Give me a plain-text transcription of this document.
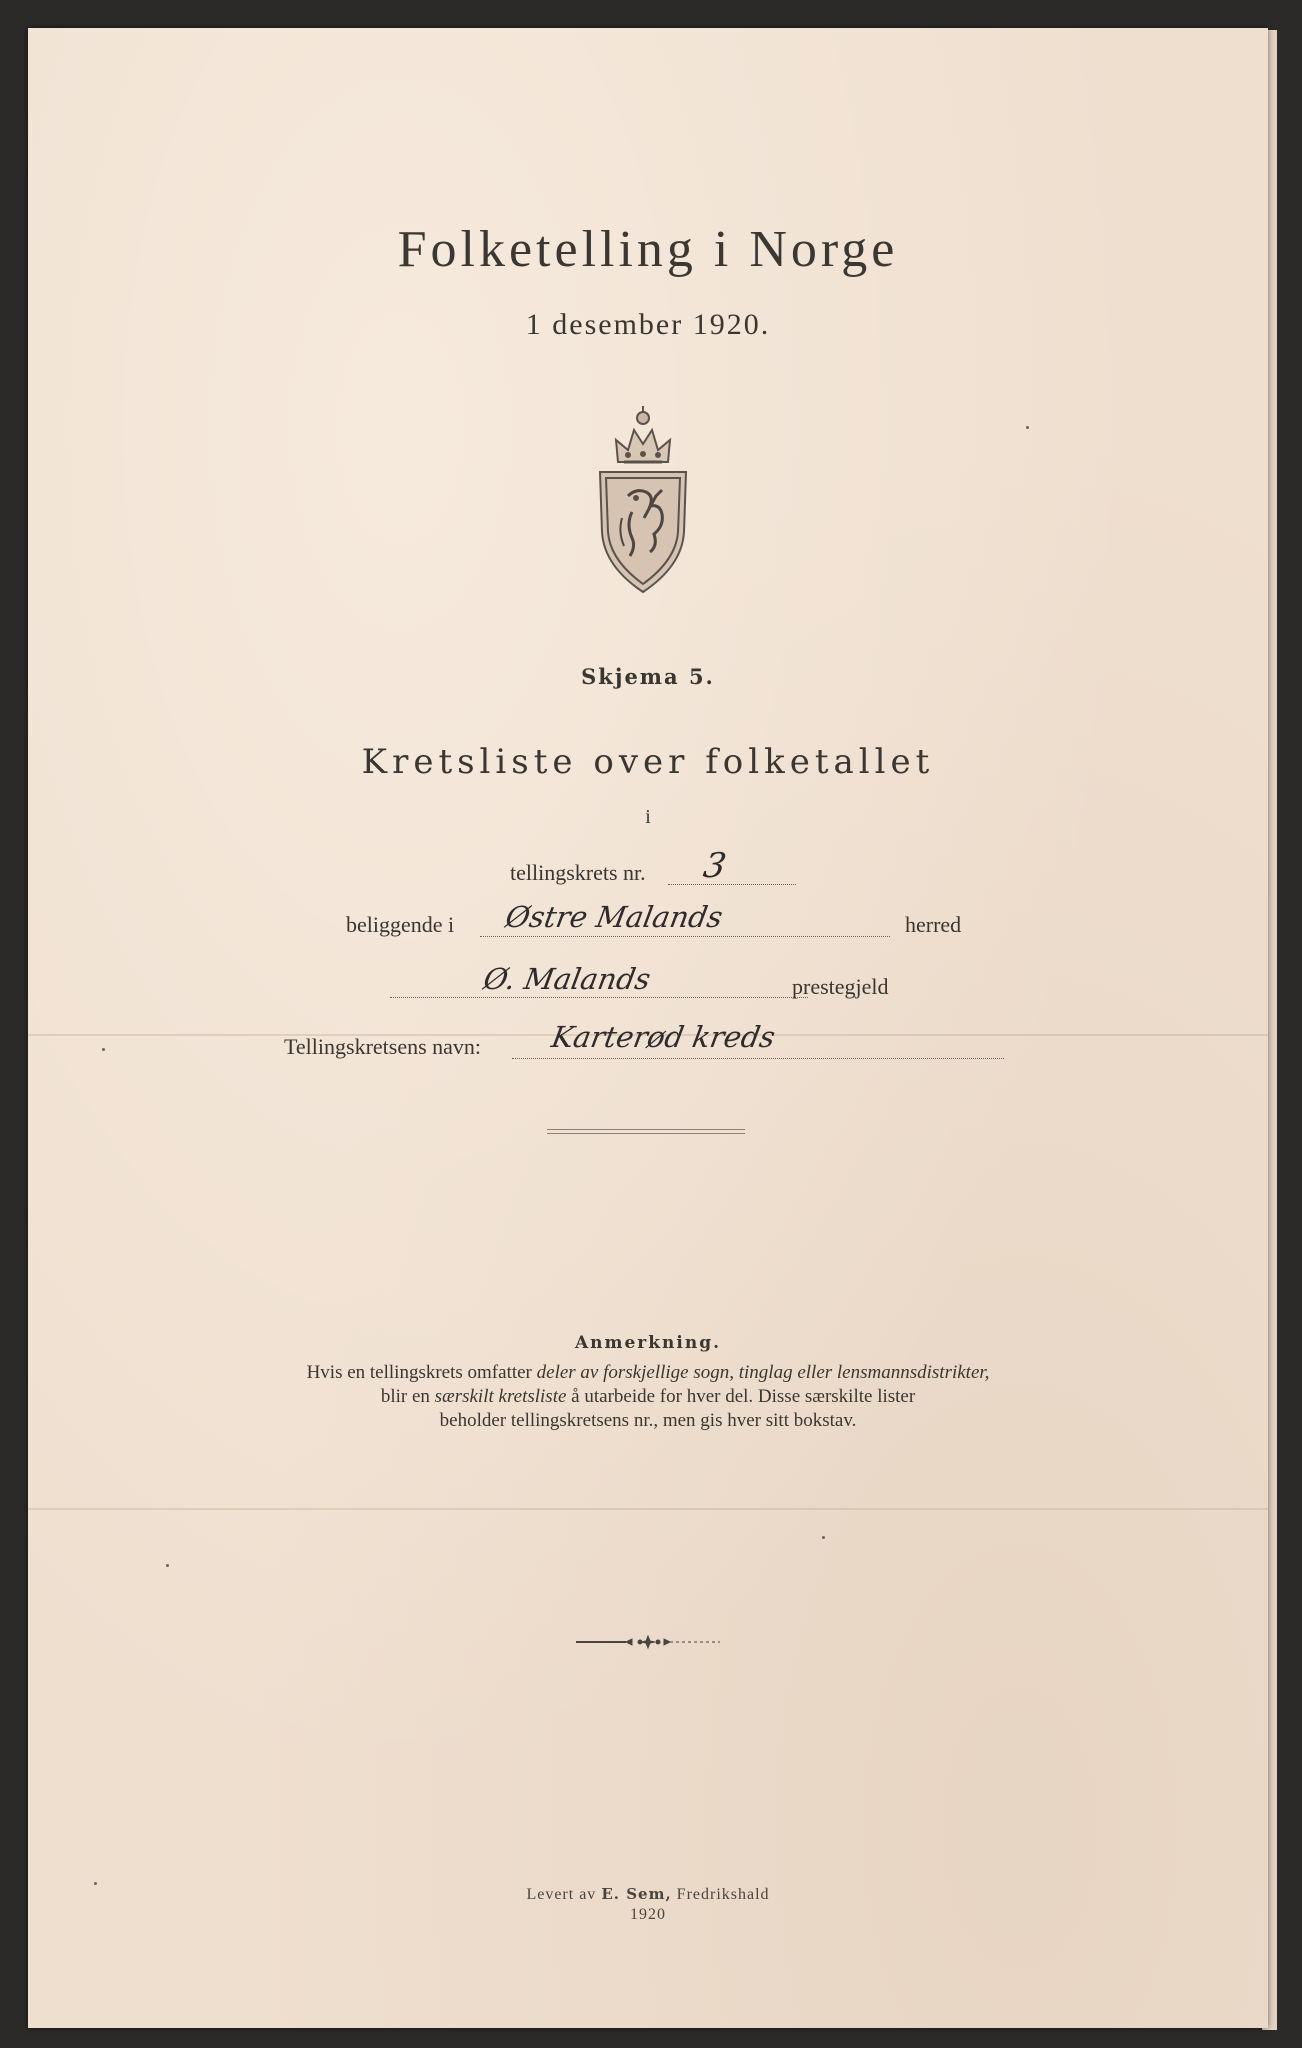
Folketelling i Norge
1 desember 1920.
Skjema 5.
Kretsliste over folketallet
i
tellingskrets nr. 3
beliggende i Østre Malands	herred
Ø. Malands	prestegjeld
Tellingskretsens navn: Karterød kreds
Anmerkning.
Hvis en tellingskrets omfatter deler av forskjellige sogn, tinglag eller lensmannsdistrikter,
blir en særskilt kretsliste å utarbeide for hver del. Disse særskilte lister
beholder tellingskretsens nr., men gis hver sitt bokstav.
Levert av E. Sem, Fredrikshald
1920
